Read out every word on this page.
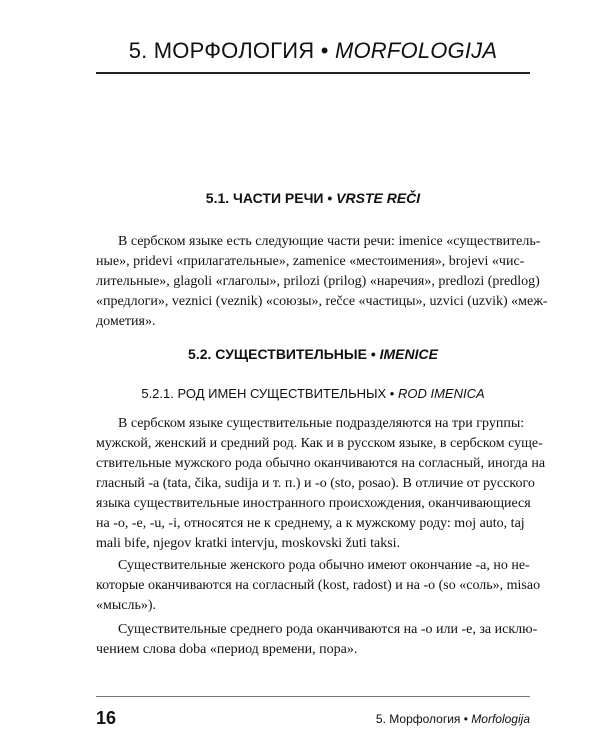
5. МОРФОЛОГИЯ • MORFOLOGIJA
5.1. ЧАСТИ РЕЧИ • VRSTE REČI
В сербском языке есть следующие части речи: imenice «существитель-
ные», pridevi «прилагательные», zamenice «местоимения», brojevi «чис-
лительные», glagoli «глаголы», prilozi (prilog) «наречия», predlozi (predlog)
«предлоги», veznici (veznik) «союзы», rečce «частицы», uzvici (uzvik) «меж-
дометия».
5.2. СУЩЕСТВИТЕЛЬНЫЕ • IMENICE
5.2.1. РОД ИМЕН СУЩЕСТВИТЕЛЬНЫХ • ROD IMENICA
В сербском языке существительные подразделяются на три группы:
мужской, женский и средний род. Как и в русском языке, в сербском суще-
ствительные мужского рода обычно оканчиваются на согласный, иногда на
гласный -a (tata, čika, sudija и т. п.) и -o (sto, posao). В отличие от русского
языка существительные иностранного происхождения, оканчивающиеся
на -o, -e, -u, -i, относятся не к среднему, а к мужскому роду: moj auto, taj
mali bife, njegov kratki intervju, moskovski žuti taksi.
Существительные женского рода обычно имеют окончание -a, но не-
которые оканчиваются на согласный (kost, radost) и на -o (so «соль», misao
«мысль»).
Существительные среднего рода оканчиваются на -o или -e, за исклю-
чением слова doba «период времени, пора».
16	5. Морфология • Morfologija
